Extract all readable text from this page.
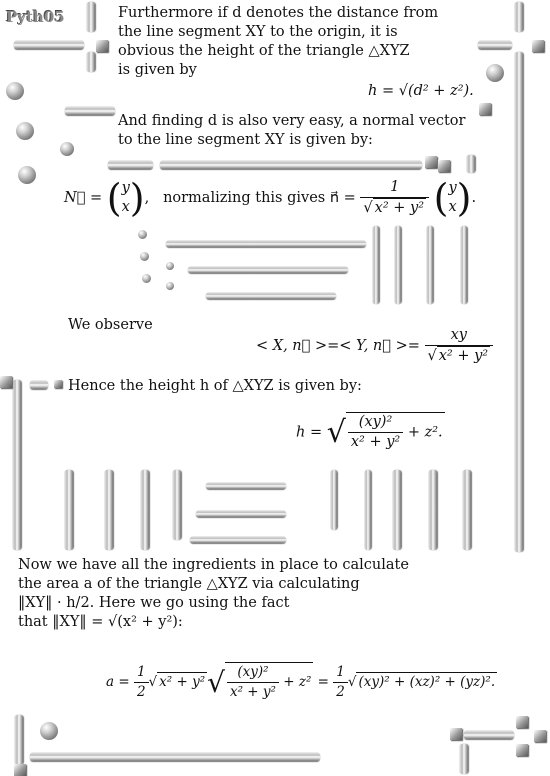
Pyth05	Furthermore if d denotes the distance from
the line segment XY to the origin, it is
obvious the height of the triangle △XYZ
is given by
h = √(d² + z²).
And finding d is also very easy, a normal vector
to the line segment XY is given by:
N⃗ = ( y
x ), normalizing this gives n⃗ = $\frac{1}{\text{√ x² + y²}}$ ( y
x ).
We observe
< X, n⃗ >=< Y, n⃗ >= $\frac{xy}{\text{√ x² + y²}}$
Hence the height h of △XYZ is given by:
h = √ $\frac{\text{(xy)²}}{\text{x² + y²}} + z^2$.
Now we have all the ingredients in place to calculate
the area a of the triangle △XYZ via calculating
‖XY‖ · h/2. Here we go using the fact
that ‖XY‖ = √(x² + y²):
$a = \frac{1}{2}$ √ $x^2 + y^2√ \frac{\text{(xy)²}}{\text{x² + y²}} + z^2 = \frac{1}{2}$ √ (xy)² + (xz)² + (yz)².
